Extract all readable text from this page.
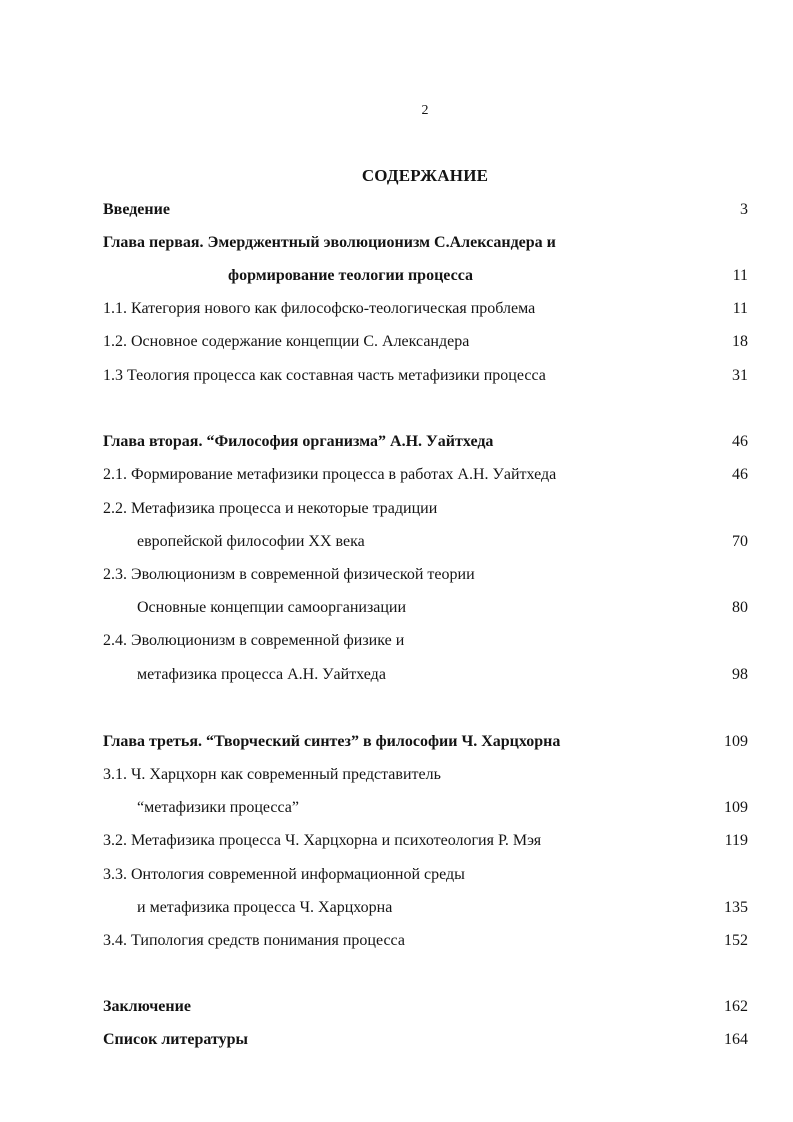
2
СОДЕРЖАНИЕ
Введение	3
Глава первая. Эмерджентный эволюционизм С.Александера и
формирование теологии процесса	11
1.1. Категория нового как философско-теологическая проблема	11
1.2. Основное содержание концепции С. Александера	18
1.3 Теология процесса как составная часть метафизики процесса	31
Глава вторая. “Философия организма” А.Н. Уайтхеда	46
2.1. Формирование метафизики процесса в работах А.Н. Уайтхеда	46
2.2. Метафизика процесса и некоторые традиции
европейской философии XX века	70
2.3. Эволюционизм в современной физической теории
Основные концепции самоорганизации	80
2.4. Эволюционизм в современной физике и
метафизика процесса А.Н. Уайтхеда	98
Глава третья. “Творческий синтез” в философии Ч. Харцхорна	109
3.1. Ч. Харцхорн как современный представитель
“метафизики процесса”	109
3.2. Метафизика процесса Ч. Харцхорна и психотеология Р. Мэя	119
3.3. Онтология современной информационной среды
и метафизика процесса Ч. Харцхорна	135
3.4. Типология средств понимания процесса	152
Заключение	162
Список литературы	164
